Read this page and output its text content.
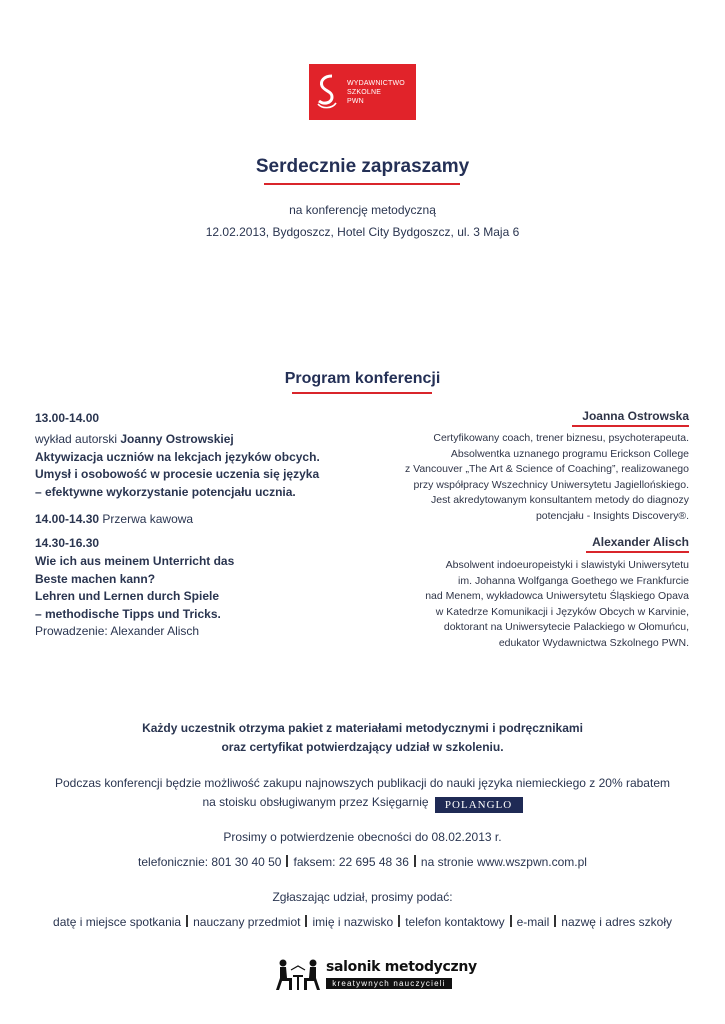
WYDAWNICTWO
SZKOLNE
PWN
Serdecznie zapraszamy
na konferencję metodyczną
12.02.2013, Bydgoszcz, Hotel City Bydgoszcz, ul. 3 Maja 6
Program konferencji
13.00-14.00
wykład autorski Joanny Ostrowskiej
Aktywizacja uczniów na lekcjach języków obcych.
Umysł i osobowość w procesie uczenia się języka
– efektywne wykorzystanie potencjału ucznia.
14.00-14.30 Przerwa kawowa
14.30-16.30
Wie ich aus meinem Unterricht das
Beste machen kann?
Lehren und Lernen durch Spiele
– methodische Tipps und Tricks.
Prowadzenie: Alexander Alisch
Joanna Ostrowska
Certyfikowany coach, trener biznesu, psychoterapeuta.
Absolwentka uznanego programu Erickson College
z Vancouver „The Art & Science of Coaching”, realizowanego
przy współpracy Wszechnicy Uniwersytetu Jagiellońskiego.
Jest akredytowanym konsultantem metody do diagnozy
potencjału - Insights Discovery®.
Alexander Alisch
Absolwent indoeuropeistyki i slawistyki Uniwersytetu
im. Johanna Wolfganga Goethego we Frankfurcie
nad Menem, wykładowca Uniwersytetu Śląskiego Opava
w Katedrze Komunikacji i Języków Obcych w Karvinie,
doktorant na Uniwersytecie Palackiego w Ołomuńcu,
edukator Wydawnictwa Szkolnego PWN.
Każdy uczestnik otrzyma pakiet z materiałami metodycznymi i podręcznikami
oraz certyfikat potwierdzający udział w szkoleniu.
Podczas konferencji będzie możliwość zakupu najnowszych publikacji do nauki języka niemieckiego z 20% rabatem
na stoisku obsługiwanym przez Księgarnię POLANGLO
Prosimy o potwierdzenie obecności do 08.02.2013 r.
telefonicznie: 801 30 40 50 faksem: 22 695 48 36 na stronie www.wszpwn.com.pl
Zgłaszając udział, prosimy podać:
datę i miejsce spotkania nauczany przedmiot imię i nazwisko telefon kontaktowy e-mail nazwę i adres szkoły
salonik metodyczny
kreatywnych nauczycieli
